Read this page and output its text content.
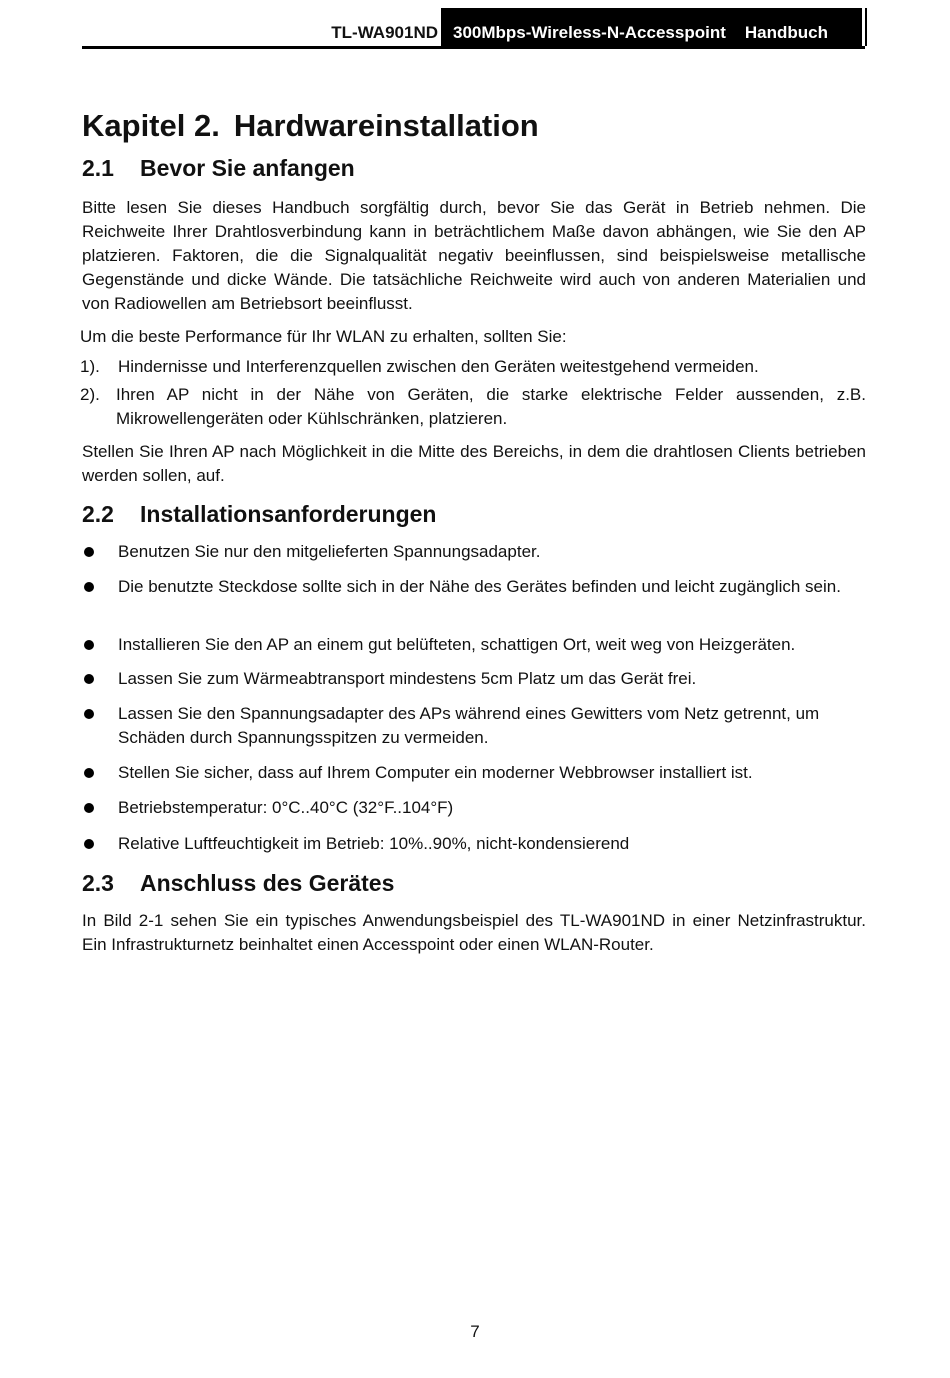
TL-WA901ND 300Mbps-Wireless-N-Accesspoint Handbuch
Kapitel 2. Hardwareinstallation
2.1 Bevor Sie anfangen

Bitte lesen Sie dieses Handbuch sorgfältig durch, bevor Sie das Gerät in Betrieb nehmen. Die Reichweite Ihrer Drahtlosverbindung kann in beträchtlichem Maße davon abhängen, wie Sie den AP platzieren. Faktoren, die die Signalqualität negativ beeinflussen, sind beispielsweise metallische Gegenstände und dicke Wände. Die tatsächliche Reichweite wird auch von anderen Materialien und von Radiowellen am Betriebsort beeinflusst.

Um die beste Performance für Ihr WLAN zu erhalten, sollten Sie:

1). Hindernisse und Interferenzquellen zwischen den Geräten weitestgehend vermeiden.
2). Ihren AP nicht in der Nähe von Geräten, die starke elektrische Felder aussenden, z.B. Mikrowellengeräten oder Kühlschränken, platzieren.

Stellen Sie Ihren AP nach Möglichkeit in die Mitte des Bereichs, in dem die drahtlosen Clients betrieben werden sollen, auf.

2.2 Installationsanforderungen
Benutzen Sie nur den mitgelieferten Spannungsadapter.
Die benutzte Steckdose sollte sich in der Nähe des Gerätes befinden und leicht zugänglich sein.
Installieren Sie den AP an einem gut belüfteten, schattigen Ort, weit weg von Heizgeräten.
Lassen Sie zum Wärmeabtransport mindestens 5cm Platz um das Gerät frei.
Lassen Sie den Spannungsadapter des APs während eines Gewitters vom Netz getrennt, um Schäden durch Spannungsspitzen zu vermeiden.
Stellen Sie sicher, dass auf Ihrem Computer ein moderner Webbrowser installiert ist.
Betriebstemperatur: 0°C..40°C (32°F..104°F)
Relative Luftfeuchtigkeit im Betrieb: 10%..90%, nicht-kondensierend
2.3 Anschluss des Gerätes

In Bild 2-1 sehen Sie ein typisches Anwendungsbeispiel des TL-WA901ND in einer Netzinfrastruktur. Ein Infrastrukturnetz beinhaltet einen Accesspoint oder einen WLAN-Router.

7
